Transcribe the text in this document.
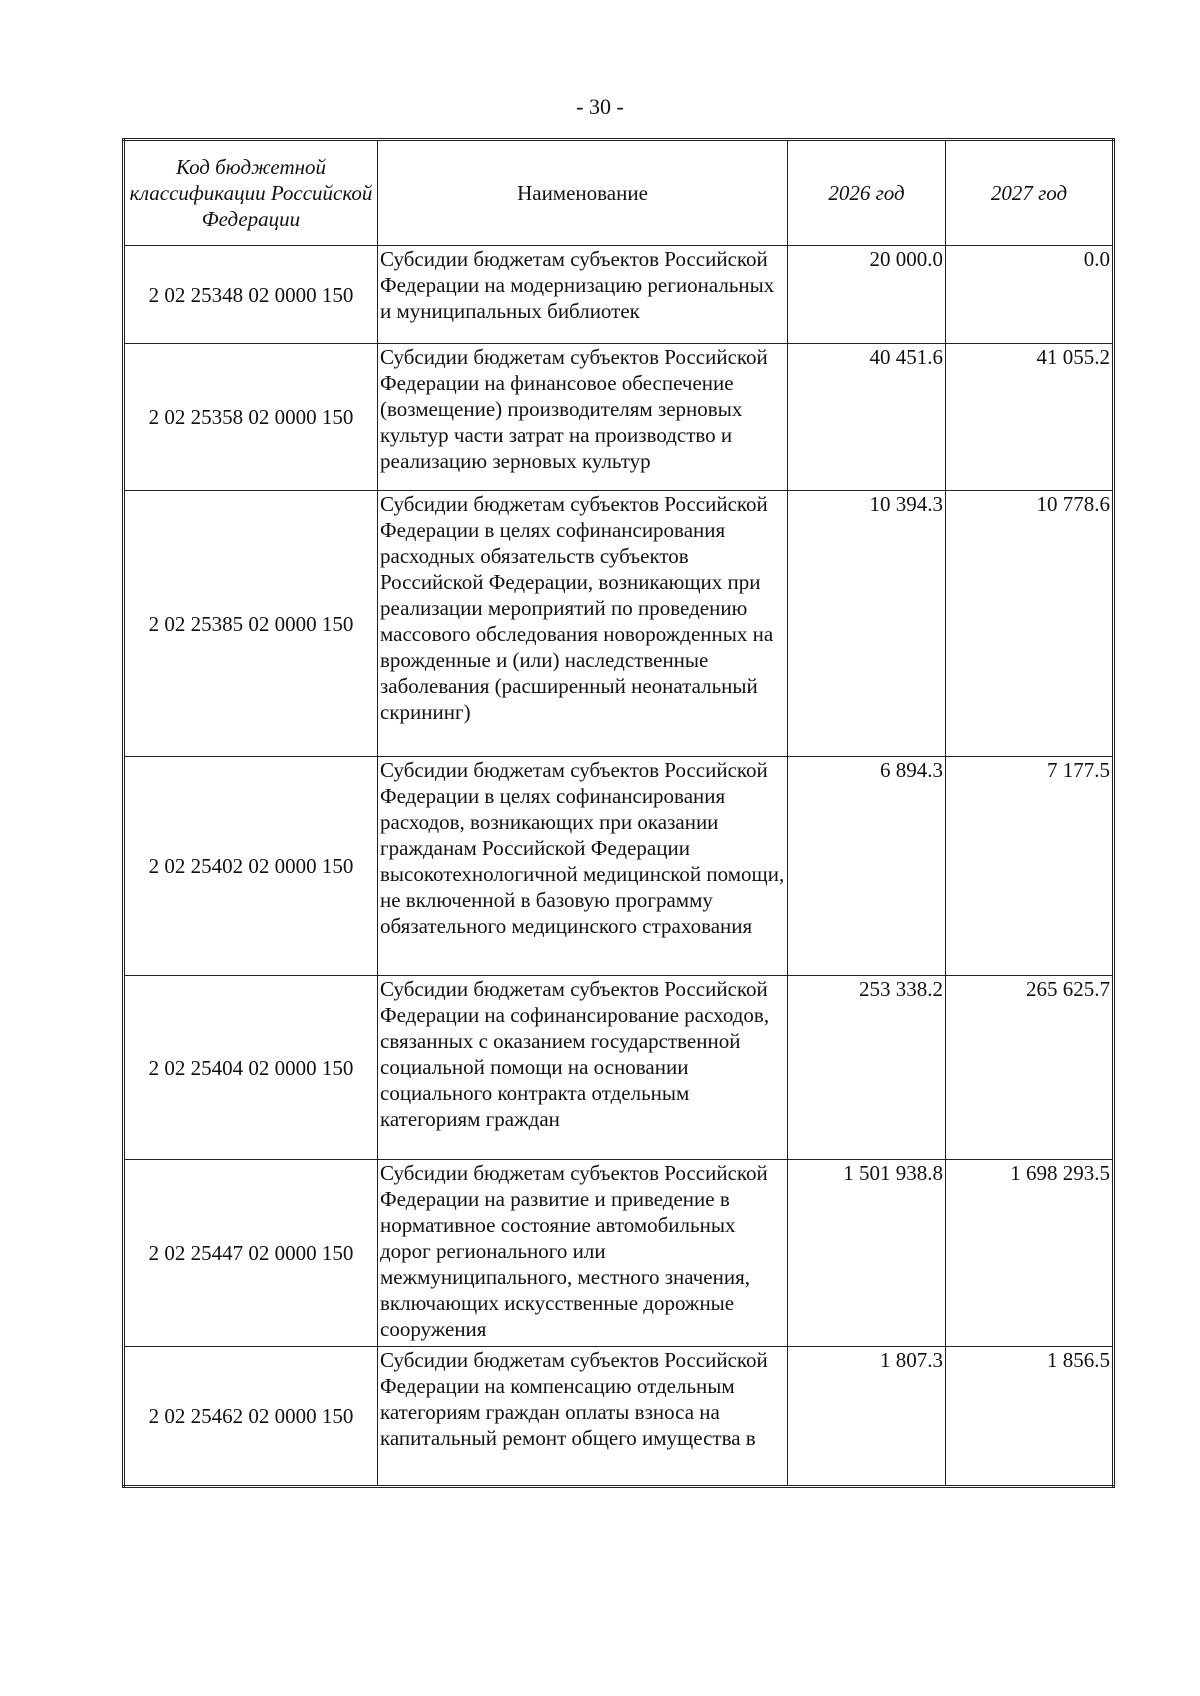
- 30 -
Код бюджетной классификации Российской Федерации	Наименование	2026 год	2027 год

2 02 25348 02 0000 150	Субсидии бюджетам субъектов Российской Федерации на модернизацию региональных и муниципальных библиотек	20 000.0	0.0
2 02 25358 02 0000 150	Субсидии бюджетам субъектов Российской Федерации на финансовое обеспечение (возмещение) производителям зерновых культур части затрат на производство и реализацию зерновых культур	40 451.6	41 055.2
2 02 25385 02 0000 150	Субсидии бюджетам субъектов Российской Федерации в целях софинансирования расходных обязательств субъектов Российской Федерации, возникающих при реализации мероприятий по проведению массового обследования новорожденных на врожденные и (или) наследственные заболевания (расширенный неонатальный скрининг)	10 394.3	10 778.6
2 02 25402 02 0000 150	Субсидии бюджетам субъектов Российской Федерации в целях софинансирования расходов, возникающих при оказании гражданам Российской Федерации высокотехнологичной медицинской помощи, не включенной в базовую программу обязательного медицинского страхования	6 894.3	7 177.5
2 02 25404 02 0000 150	Субсидии бюджетам субъектов Российской Федерации на софинансирование расходов, связанных с оказанием государственной социальной помощи на основании социального контракта отдельным категориям граждан	253 338.2	265 625.7
2 02 25447 02 0000 150	Субсидии бюджетам субъектов Российской Федерации на развитие и приведение в нормативное состояние автомобильных дорог регионального или межмуниципального, местного значения, включающих искусственные дорожные сооружения	1 501 938.8	1 698 293.5
2 02 25462 02 0000 150	Субсидии бюджетам субъектов Российской Федерации на компенсацию отдельным категориям граждан оплаты взноса на капитальный ремонт общего имущества в	1 807.3	1 856.5
